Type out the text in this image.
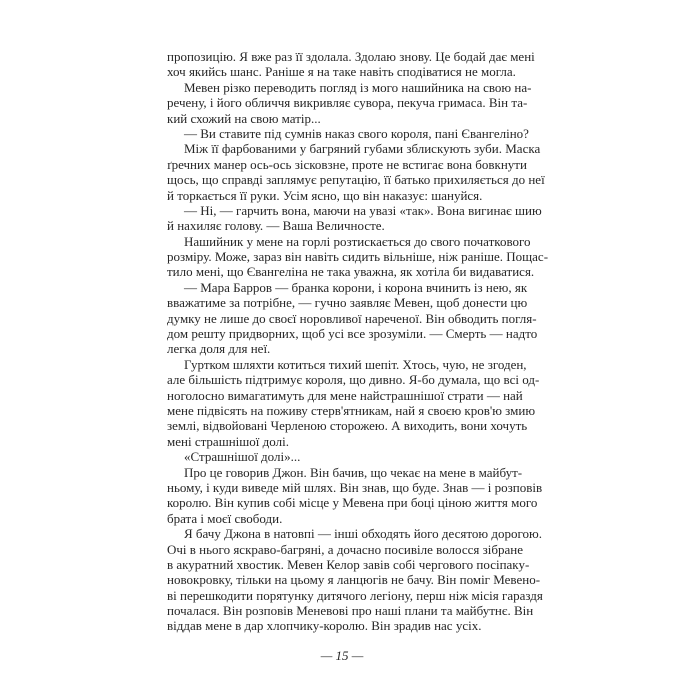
пропозицію. Я вже раз її здолала. Здолаю знову. Це бодай дає мені
хоч якийсь шанс. Раніше я на таке навіть сподіватися не могла.
Мевен різко переводить погляд із мого нашийника на свою на-
речену, і його обличчя викривляє сувора, пекуча гримаса. Він та-
кий схожий на свою матір...
— Ви ставите під сумнів наказ свого короля, пані Євангеліно?
Між її фарбованими у багряний губами зблискують зуби. Маска
ґречних манер ось-ось зісковзне, проте не встигає вона бовкнути
щось, що справді заплямує репутацію, її батько прихиляється до неї
й торкається її руки. Усім ясно, що він наказує: шануйся.
— Ні, — гарчить вона, маючи на увазі «так». Вона вигинає шию
й нахиляє голову. — Ваша Величносте.
Нашийник у мене на горлі розтискається до свого початкового
розміру. Може, зараз він навіть сидить вільніше, ніж раніше. Пощас-
тило мені, що Євангеліна не така уважна, як хотіла би видаватися.
— Мара Барров — бранка корони, і корона вчинить із нею, як
вважатиме за потрібне, — гучно заявляє Мевен, щоб донести цю
думку не лише до своєї норовливої нареченої. Він обводить погля-
дом решту придворних, щоб усі все зрозуміли. — Смерть — надто
легка доля для неї.
Гуртком шляхти котиться тихий шепіт. Хтось, чую, не згоден,
але більшість підтримує короля, що дивно. Я-бо думала, що всі од-
ноголосно вимагатимуть для мене найстрашнішої страти — най
мене підвісять на поживу стерв'ятникам, най я своєю кров'ю змию
землі, відвойовані Черленою сторожею. А виходить, вони хочуть
мені страшнішої долі.
«Страшнішої долі»...
Про це говорив Джон. Він бачив, що чекає на мене в майбут-
ньому, і куди виведе мій шлях. Він знав, що буде. Знав — і розповів
королю. Він купив собі місце у Мевена при боці ціною життя мого
брата і моєї свободи.
Я бачу Джона в натовпі — інші обходять його десятою дорогою.
Очі в нього яскраво-багряні, а дочасно посивіле волосся зібране
в акуратний хвостик. Мевен Келор завів собі чергового посіпаку-
новокровку, тільки на цьому я ланцюгів не бачу. Він поміг Мевено-
ві перешкодити порятунку дитячого легіону, перш ніж місія гараздя
почалася. Він розповів Меневові про наші плани та майбутнє. Він
віддав мене в дар хлопчику-королю. Він зрадив нас усіх.
— 15 —
